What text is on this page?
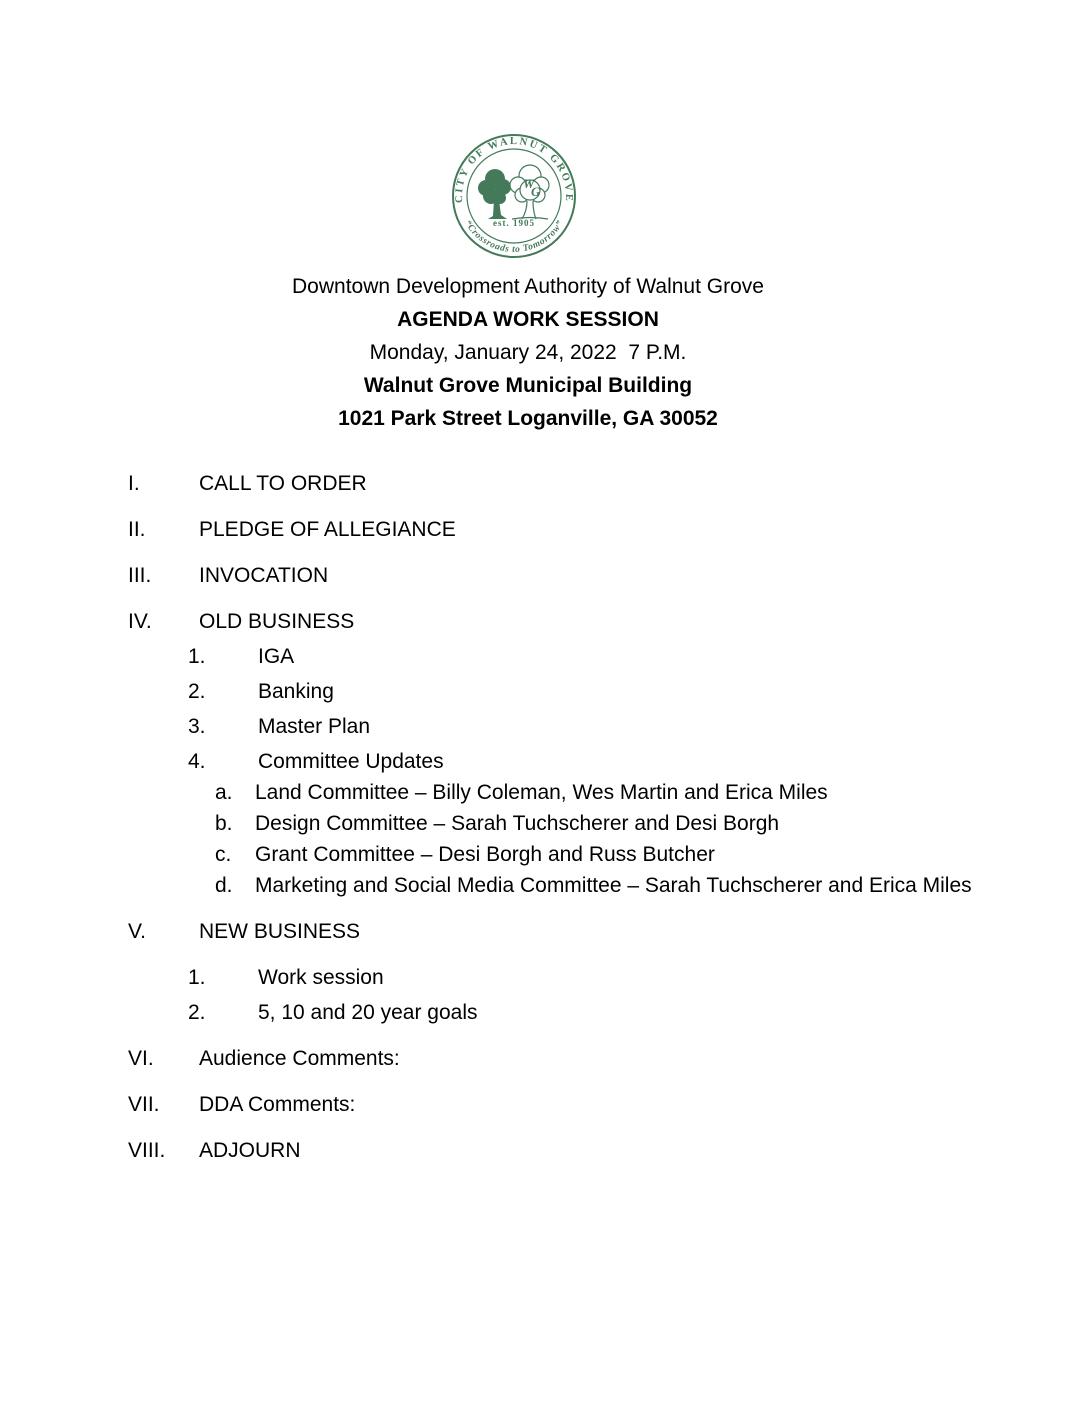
CITY OF WALNUT GROVE
“Crossroads to Tomorrow”
W
G
est. 1905
Downtown Development Authority of Walnut Grove
AGENDA WORK SESSION
Monday, January 24, 2022  7 P.M.
Walnut Grove Municipal Building
1021 Park Street Loganville, GA 30052
I.	CALL TO ORDER
II.	PLEDGE OF ALLEGIANCE
III.	INVOCATION
IV.	OLD BUSINESS
1.	IGA
2.	Banking
3.	Master Plan
4.	Committee Updates
a.	Land Committee – Billy Coleman, Wes Martin and Erica Miles
b.	Design Committee – Sarah Tuchscherer and Desi Borgh
c.	Grant Committee – Desi Borgh and Russ Butcher
d.	Marketing and Social Media Committee – Sarah Tuchscherer and Erica Miles
V.	NEW BUSINESS
1.	Work session
2.	5, 10 and 20 year goals
VI.	Audience Comments:
VII.	DDA Comments:
VIII.	ADJOURN
